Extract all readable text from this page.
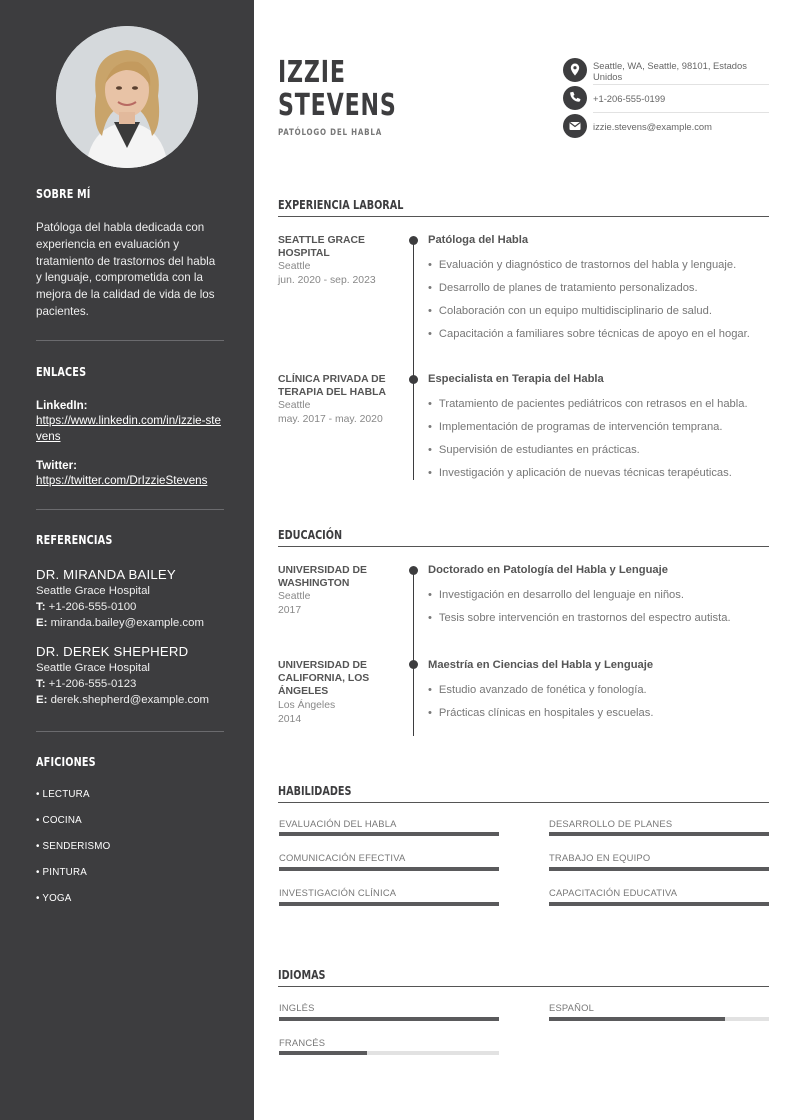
SOBRE MÍ
Patóloga del habla dedicada con experiencia en evaluación y tratamiento de trastornos del habla y lenguaje, comprometida con la mejora de la calidad de vida de los pacientes.
ENLACES
LinkedIn:
https://www.linkedin.com/in/izzie-stevens
Twitter:
https://twitter.com/DrIzzieStevens
REFERENCIAS
DR. MIRANDA BAILEY
Seattle Grace Hospital
T: +1-206-555-0100
E: miranda.bailey@example.com
DR. DEREK SHEPHERD
Seattle Grace Hospital
T: +1-206-555-0123
E: derek.shepherd@example.com
AFICIONES
• LECTURA
• COCINA
• SENDERISMO
• PINTURA
• YOGA
IZZIE
STEVENS
PATÓLOGO DEL HABLA
Seattle, WA, Seattle, 98101, Estados Unidos
+1-206-555-0199
izzie.stevens@example.com
EXPERIENCIA LABORAL
SEATTLE GRACE HOSPITAL
Seattle
jun. 2020 - sep. 2023
Patóloga del Habla
• Evaluación y diagnóstico de trastornos del habla y lenguaje.
• Desarrollo de planes de tratamiento personalizados.
• Colaboración con un equipo multidisciplinario de salud.
• Capacitación a familiares sobre técnicas de apoyo en el hogar.
CLÍNICA PRIVADA DE TERAPIA DEL HABLA
Seattle
may. 2017 - may. 2020
Especialista en Terapia del Habla
• Tratamiento de pacientes pediátricos con retrasos en el habla.
• Implementación de programas de intervención temprana.
• Supervisión de estudiantes en prácticas.
• Investigación y aplicación de nuevas técnicas terapéuticas.
EDUCACIÓN
UNIVERSIDAD DE WASHINGTON
Seattle
2017
Doctorado en Patología del Habla y Lenguaje
• Investigación en desarrollo del lenguaje en niños.
• Tesis sobre intervención en trastornos del espectro autista.
UNIVERSIDAD DE CALIFORNIA, LOS ÁNGELES
Los Ángeles
2014
Maestría en Ciencias del Habla y Lenguaje
• Estudio avanzado de fonética y fonología.
• Prácticas clínicas en hospitales y escuelas.
HABILIDADES
EVALUACIÓN DEL HABLA	DESARROLLO DE PLANES
COMUNICACIÓN EFECTIVA	TRABAJO EN EQUIPO
INVESTIGACIÓN CLÍNICA	CAPACITACIÓN EDUCATIVA
IDIOMAS
INGLÉS	ESPAÑOL
FRANCÉS
